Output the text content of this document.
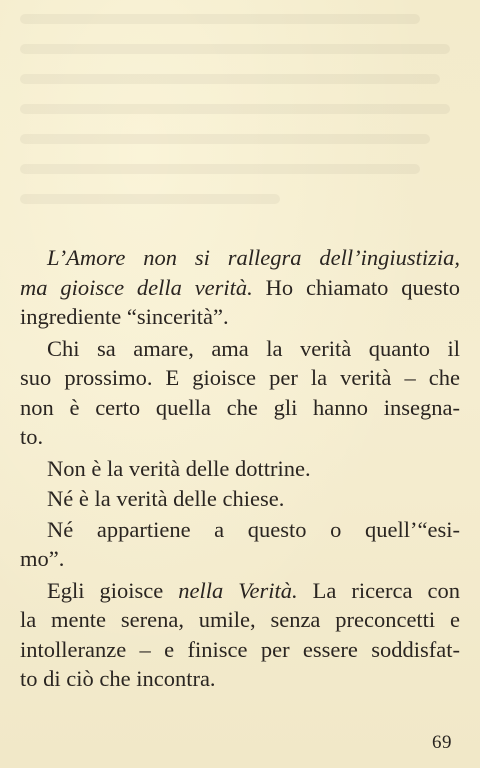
L’Amore non si rallegra dell’ingiustizia,
ma gioisce della verità. Ho chiamato questo
ingrediente “sincerità”.

Chi sa amare, ama la verità quanto il
suo prossimo. E gioisce per la verità – che
non è certo quella che gli hanno insegna-
to.

Non è la verità delle dottrine.

Né è la verità delle chiese.

Né appartiene a questo o quell’“esi-
mo”.

Egli gioisce nella Verità. La ricerca con
la mente serena, umile, senza preconcetti e
intolleranze – e finisce per essere soddisfat-
to di ciò che incontra.

69
